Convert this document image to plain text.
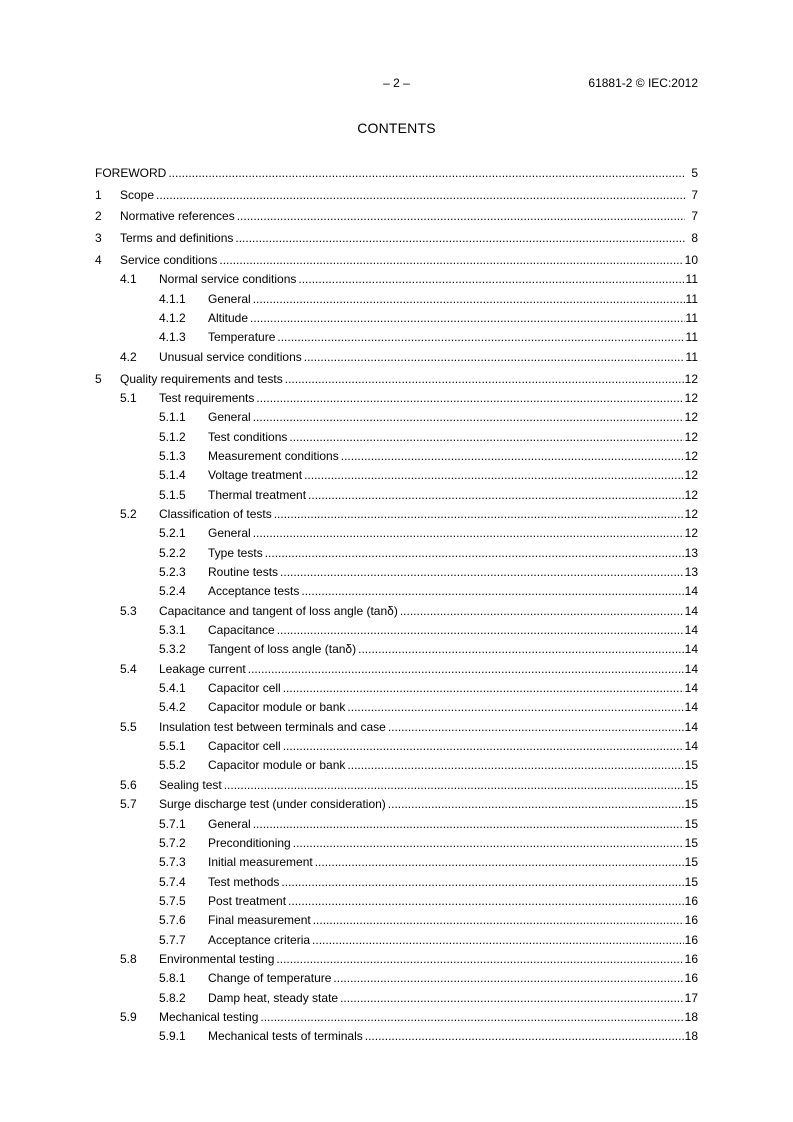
– 2 –	61881-2 © IEC:2012
CONTENTS
FOREWORD .....	5
1	Scope .....	7
2	Normative references .....	7
3	Terms and definitions .....	8
4	Service conditions .....	10
4.1	Normal service conditions .....	11
4.1.1	General .....	11
4.1.2	Altitude .....	11
4.1.3	Temperature .....	11
4.2	Unusual service conditions .....	11
5	Quality requirements and tests .....	12
5.1	Test requirements .....	12
5.1.1	General .....	12
5.1.2	Test conditions .....	12
5.1.3	Measurement conditions .....	12
5.1.4	Voltage treatment .....	12
5.1.5	Thermal treatment .....	12
5.2	Classification of tests .....	12
5.2.1	General .....	12
5.2.2	Type tests .....	13
5.2.3	Routine tests .....	13
5.2.4	Acceptance tests .....	14
5.3	Capacitance and tangent of loss angle (tanδ) .....	14
5.3.1	Capacitance .....	14
5.3.2	Tangent of loss angle (tanδ) .....	14
5.4	Leakage current .....	14
5.4.1	Capacitor cell .....	14
5.4.2	Capacitor module or bank .....	14
5.5	Insulation test between terminals and case .....	14
5.5.1	Capacitor cell .....	14
5.5.2	Capacitor module or bank .....	15
5.6	Sealing test .....	15
5.7	Surge discharge test (under consideration) .....	15
5.7.1	General .....	15
5.7.2	Preconditioning .....	15
5.7.3	Initial measurement .....	15
5.7.4	Test methods .....	15
5.7.5	Post treatment .....	16
5.7.6	Final measurement .....	16
5.7.7	Acceptance criteria .....	16
5.8	Environmental testing .....	16
5.8.1	Change of temperature .....	16
5.8.2	Damp heat, steady state .....	17
5.9	Mechanical testing .....	18
5.9.1	Mechanical tests of terminals .....	18
